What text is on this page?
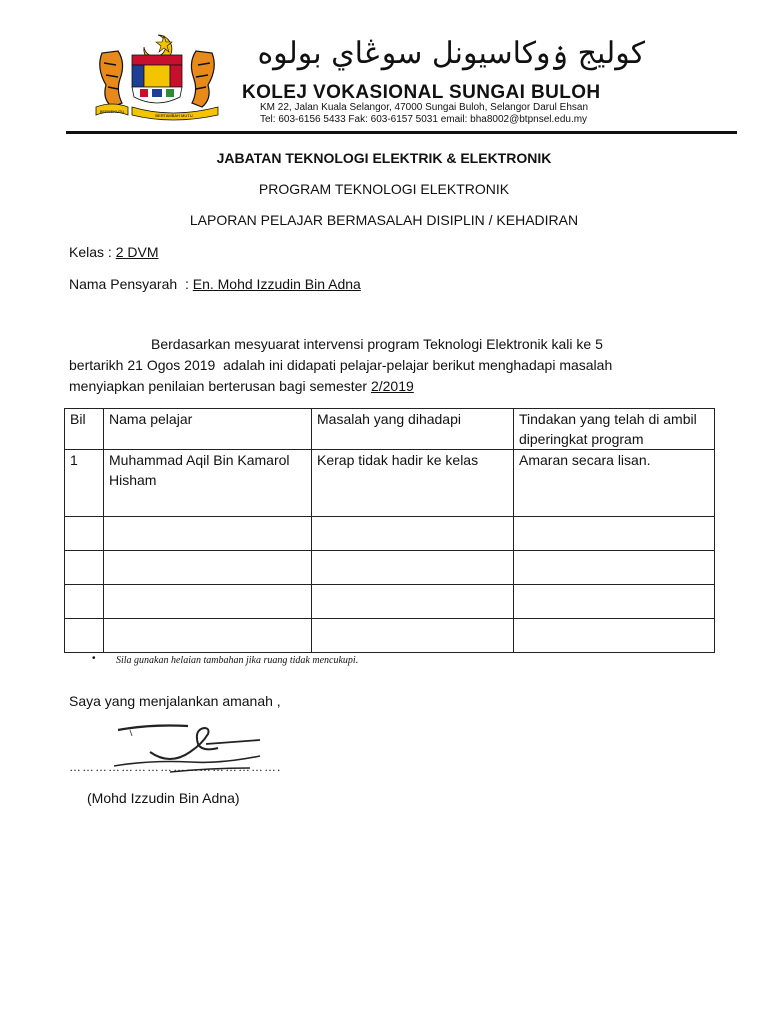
BERSEKUTU
BERTAMBAH MUTU
كوليج ۏوكاسيونل سوڠاي بولوه
KOLEJ VOKASIONAL SUNGAI BULOH
KM 22, Jalan Kuala Selangor, 47000 Sungai Buloh, Selangor Darul Ehsan
Tel: 603-6156 5433 Fak: 603-6157 5031 email: bha8002@btpnsel.edu.my
JABATAN TEKNOLOGI ELEKTRIK & ELEKTRONIK
PROGRAM TEKNOLOGI ELEKTRONIK
LAPORAN PELAJAR BERMASALAH DISIPLIN / KEHADIRAN
Kelas : 2 DVM
Nama Pensyarah  : En. Mohd Izzudin Bin Adna
Berdasarkan mesyuarat intervensi program Teknologi Elektronik kali ke 5
bertarikh 21 Ogos 2019  adalah ini didapati pelajar-pelajar berikut menghadapi masalah
menyiapkan penilaian berterusan bagi semester 2/2019
Bil	Nama pelajar	Masalah yang dihadapi	Tindakan yang telah di ambil diperingkat program
1	Muhammad Aqil Bin Kamarol Hisham	Kerap tidak hadir ke kelas	Amaran secara lisan.

• Sila gunakan helaian tambahan jika ruang tidak mencukupi.
Saya yang menjalankan amanah ,
………………………………………….
(Mohd Izzudin Bin Adna)
